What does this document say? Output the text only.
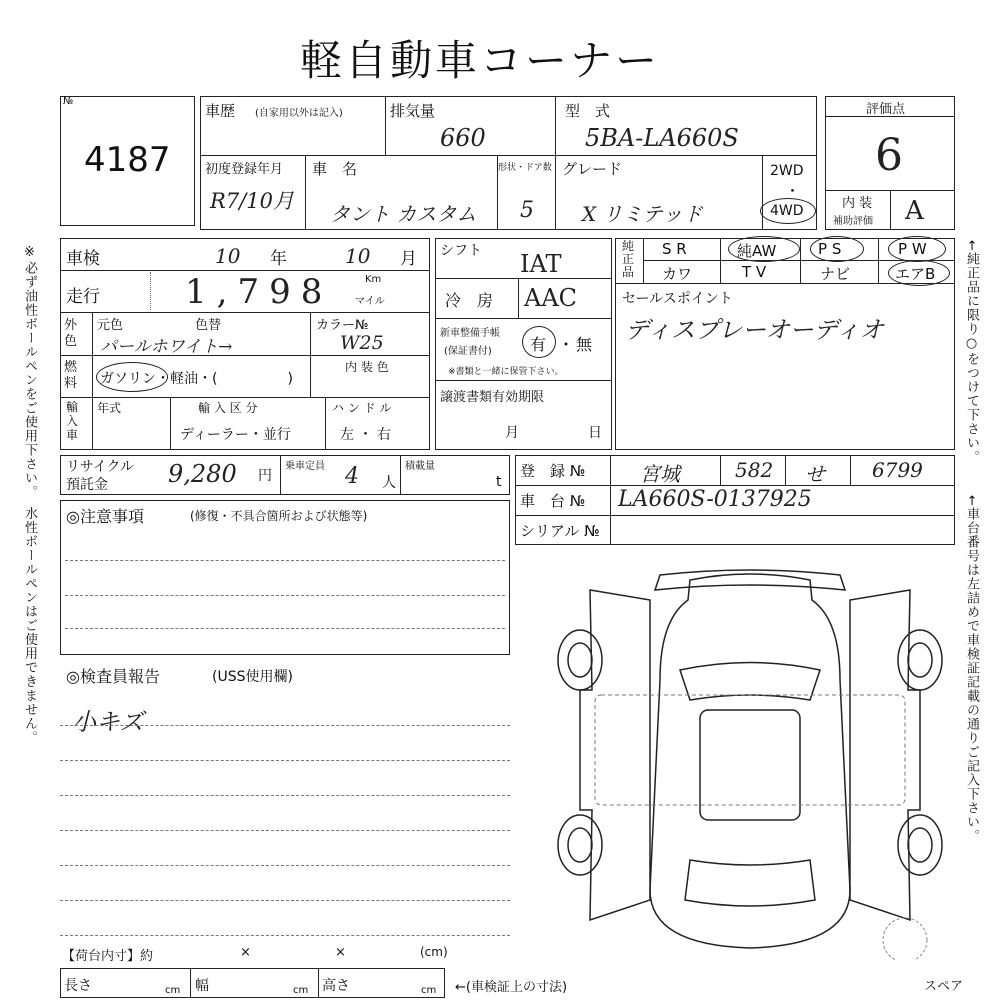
軽自動車コーナー
※必ず油性ボールペンをご使用下さい。　水性ボールペンはご使用できません。	←純正品に限り○をつけて下さい。
←車台番号は左詰めで車検証記載の通りご記入下さい。
№
4187
車歴 (自家用以外は記入)	排気量
660
型　式
5BA-LA660S
初度登録年月
R7/10月
車　名
タント カスタム
形状・ドア数
5
グレード
X リミテッド
2WD
・
4WD
評価点
6
内 装
補助評価 A
車検	10 年	10 月
走行	1,798	Km
マイル
外色
元色	色替
パールホワイト→
カラー№
W25
燃料	ガソリン・軽油・(　　　　　)
内 装 色
輸入車
年式	輸 入 区 分
ディーラー・並行
ハ ン ド ル
左 ・ 右
シフト IAT
冷　房 AAC
新車整備手帳
(保証書付) 有 ・ 無
※書類と一緒に保管下さい。
譲渡書類有効期限
月	日
純正品
S R	純AW	P S	P W
カワ	T V	ナビ	エアB
セールスポイント
ディスプレーオーディオ
リサイクル
預託金	9,280 円
乗車定員 4 人
積載量
t
登　録 №	宮城	582 せ 6799
車　台 № LA660S-0137925
シリアル №
◎注意事項	(修復・不具合箇所および状態等)
◎検査員報告	(USS使用欄)
小キズ
【荷台内寸】約	×	×	(cm)
長さ	cm 幅	cm 高さ	cm ←(車検証上の寸法)	スペア
